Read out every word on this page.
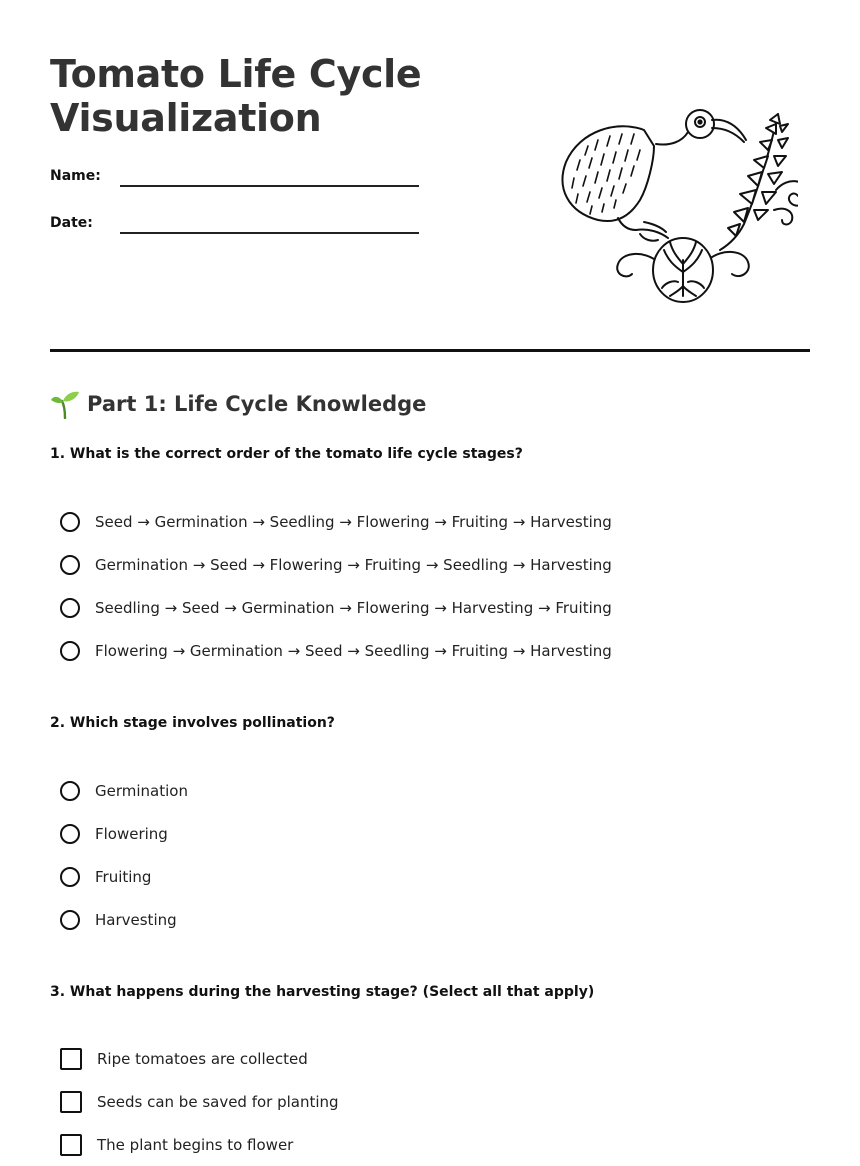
Tomato Life Cycle
Visualization
Name:
Date:
Part 1: Life Cycle Knowledge

1. What is the correct order of the tomato life cycle stages?

Seed → Germination → Seedling → Flowering → Fruiting → Harvesting
Germination → Seed → Flowering → Fruiting → Seedling → Harvesting
Seedling → Seed → Germination → Flowering → Harvesting → Fruiting
Flowering → Germination → Seed → Seedling → Fruiting → Harvesting

2. Which stage involves pollination?

Germination
Flowering
Fruiting
Harvesting

3. What happens during the harvesting stage? (Select all that apply)

Ripe tomatoes are collected
Seeds can be saved for planting
The plant begins to flower
